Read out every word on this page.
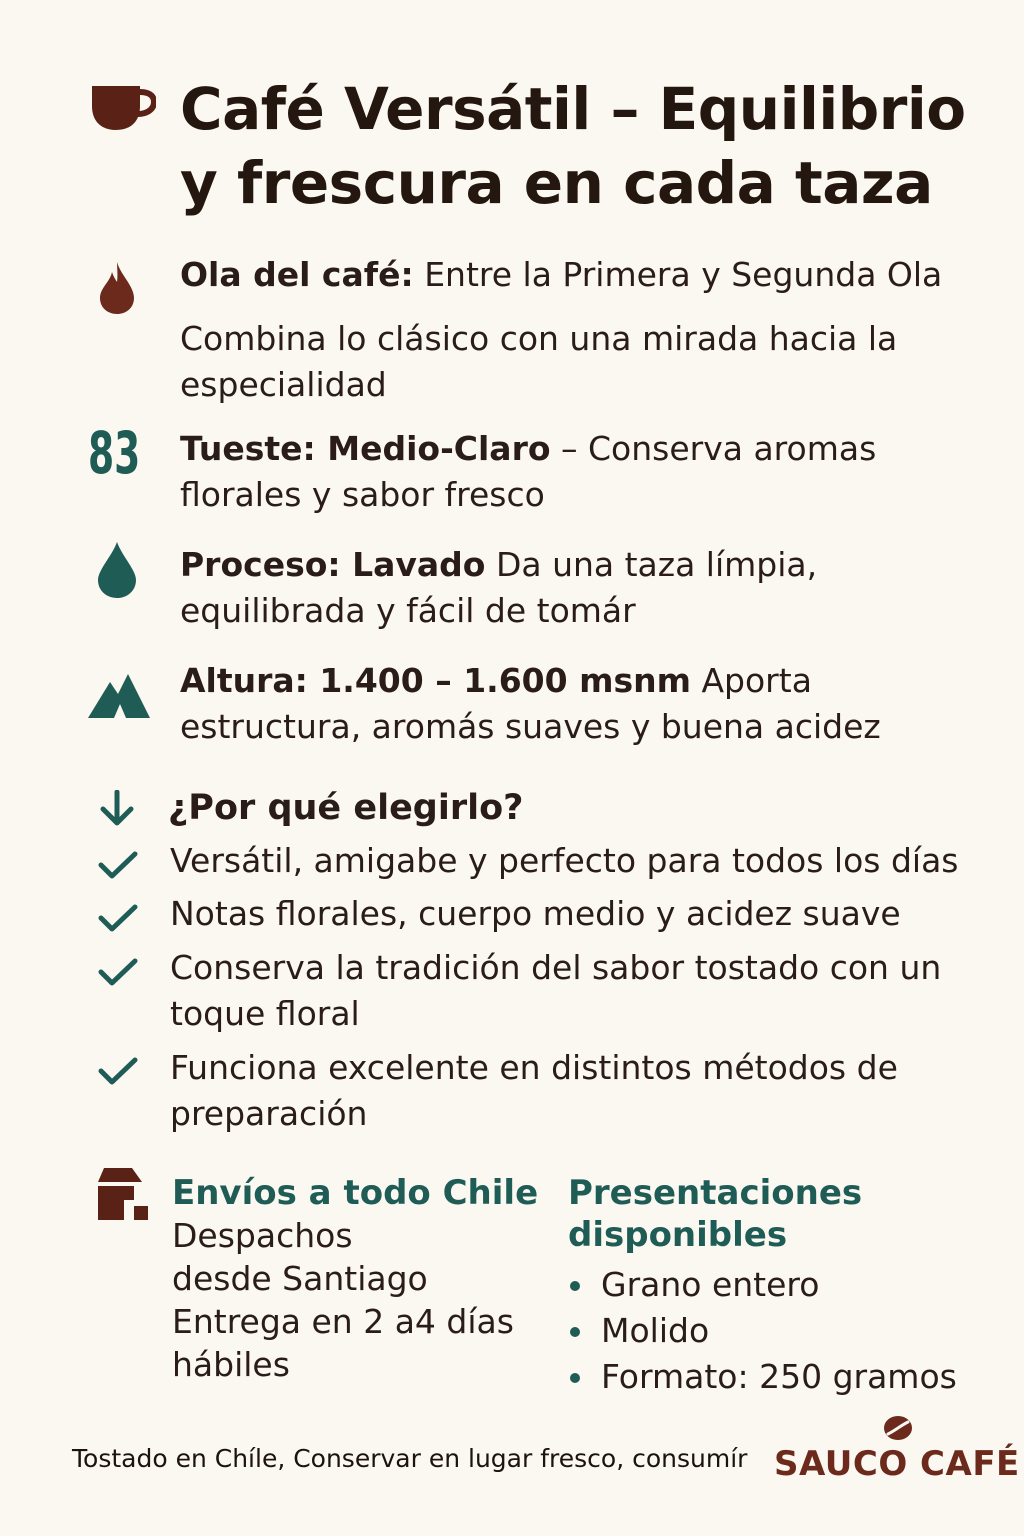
Café Versátil – Equilibrio y frescura en cada taza
Ola del café: Entre la Primera y Segunda Ola
Combina lo clásico con una mirada hacia la especialidad
83 Tueste: Medio-Claro – Conserva aromas florales y sabor fresco
Proceso: Lavado Da una taza límpia, equilibrada y fácil de tomár
Altura: 1.400 – 1.600 msnm Aporta estructura, aromás suaves y buena acidez
¿Por qué elegirlo?
Versátil, amigabe y perfecto para todos los días
Notas florales, cuerpo medio y acidez suave
Conserva la tradición del sabor tostado con un toque floral
Funciona excelente en distintos métodos de preparación
Envíos a todo Chile
Despachos
desde Santiago
Entrega en 2 a4 días
hábiles
Presentaciones disponibles
Grano entero
Molido
Formato: 250 gramos
Tostado en Chíle, Conservar en lugar fresco, consumír SAUCO CAFÉ
